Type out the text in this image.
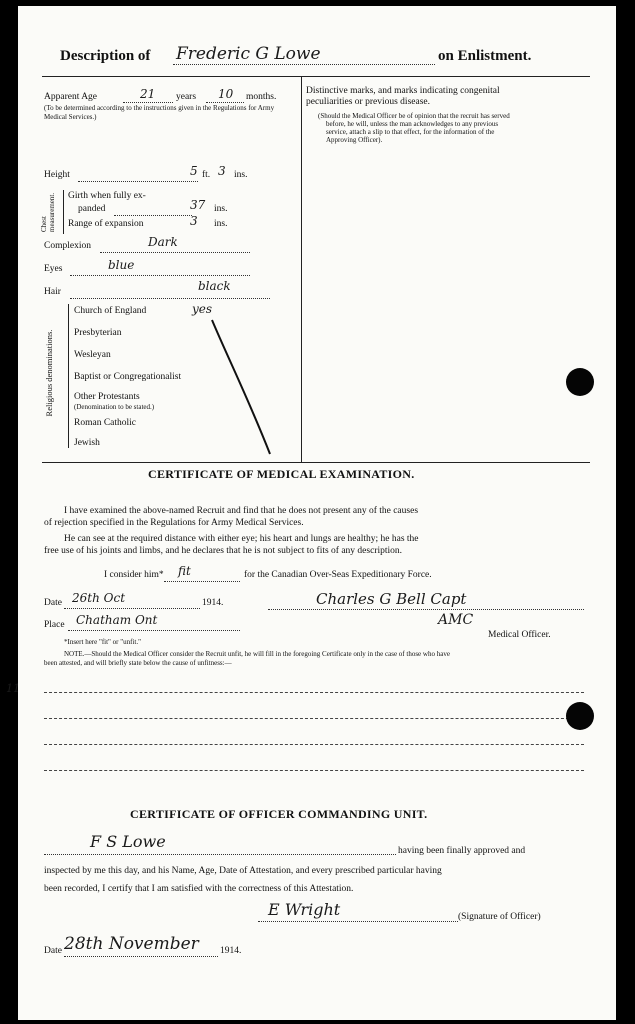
Description of Frederic G Lowe	on Enlistment.
Apparent Age	21 years 10 months.
(To be determined according to the instructions given in the Regulations for Army Medical Services.)
Height	5 ft. 3 ins.
Chest measurement. Girth when fully ex-
panded	37 ins.
Range of expansion	3 ins.
Complexion	Dark
Eyes	blue
Hair	black
Religious denominations.
Church of England	yes
Presbyterian
Wesleyan
Baptist or Congregationalist
Other Protestants
(Denomination to be stated.)
Roman Catholic
Jewish
Distinctive marks, and marks indicating congenital
peculiarities or previous disease.
(Should the Medical Officer be of opinion that the recruit has served
before, he will, unless the man acknowledges to any previous
service, attach a slip to that effect, for the information of the
Approving Officer).
CERTIFICATE OF MEDICAL EXAMINATION.
I have examined the above-named Recruit and find that he does not present any of the causes
of rejection specified in the Regulations for Army Medical Services.
He can see at the required distance with either eye; his heart and lungs are healthy; he has the
free use of his joints and limbs, and he declares that he is not subject to fits of any description.
I consider him* fit	for the Canadian Over-Seas Expeditionary Force.
Date 26th Oct	1914.	Charles G Bell Capt
Place Chatham Ont	AMC
Medical Officer.
*Insert here "fit" or "unfit."
NOTE.—Should the Medical Officer consider the Recruit unfit, he will fill in the foregoing Certificate only in the case of those who have
been attested, and will briefly state below the cause of unfitness:—
11
CERTIFICATE OF OFFICER COMMANDING UNIT.
F S Lowe	having been finally approved and
inspected by me this day, and his Name, Age, Date of Attestation, and every prescribed particular having
been recorded, I certify that I am satisfied with the correctness of this Attestation.
E Wright	(Signature of Officer)
Date 28th November 1914.
